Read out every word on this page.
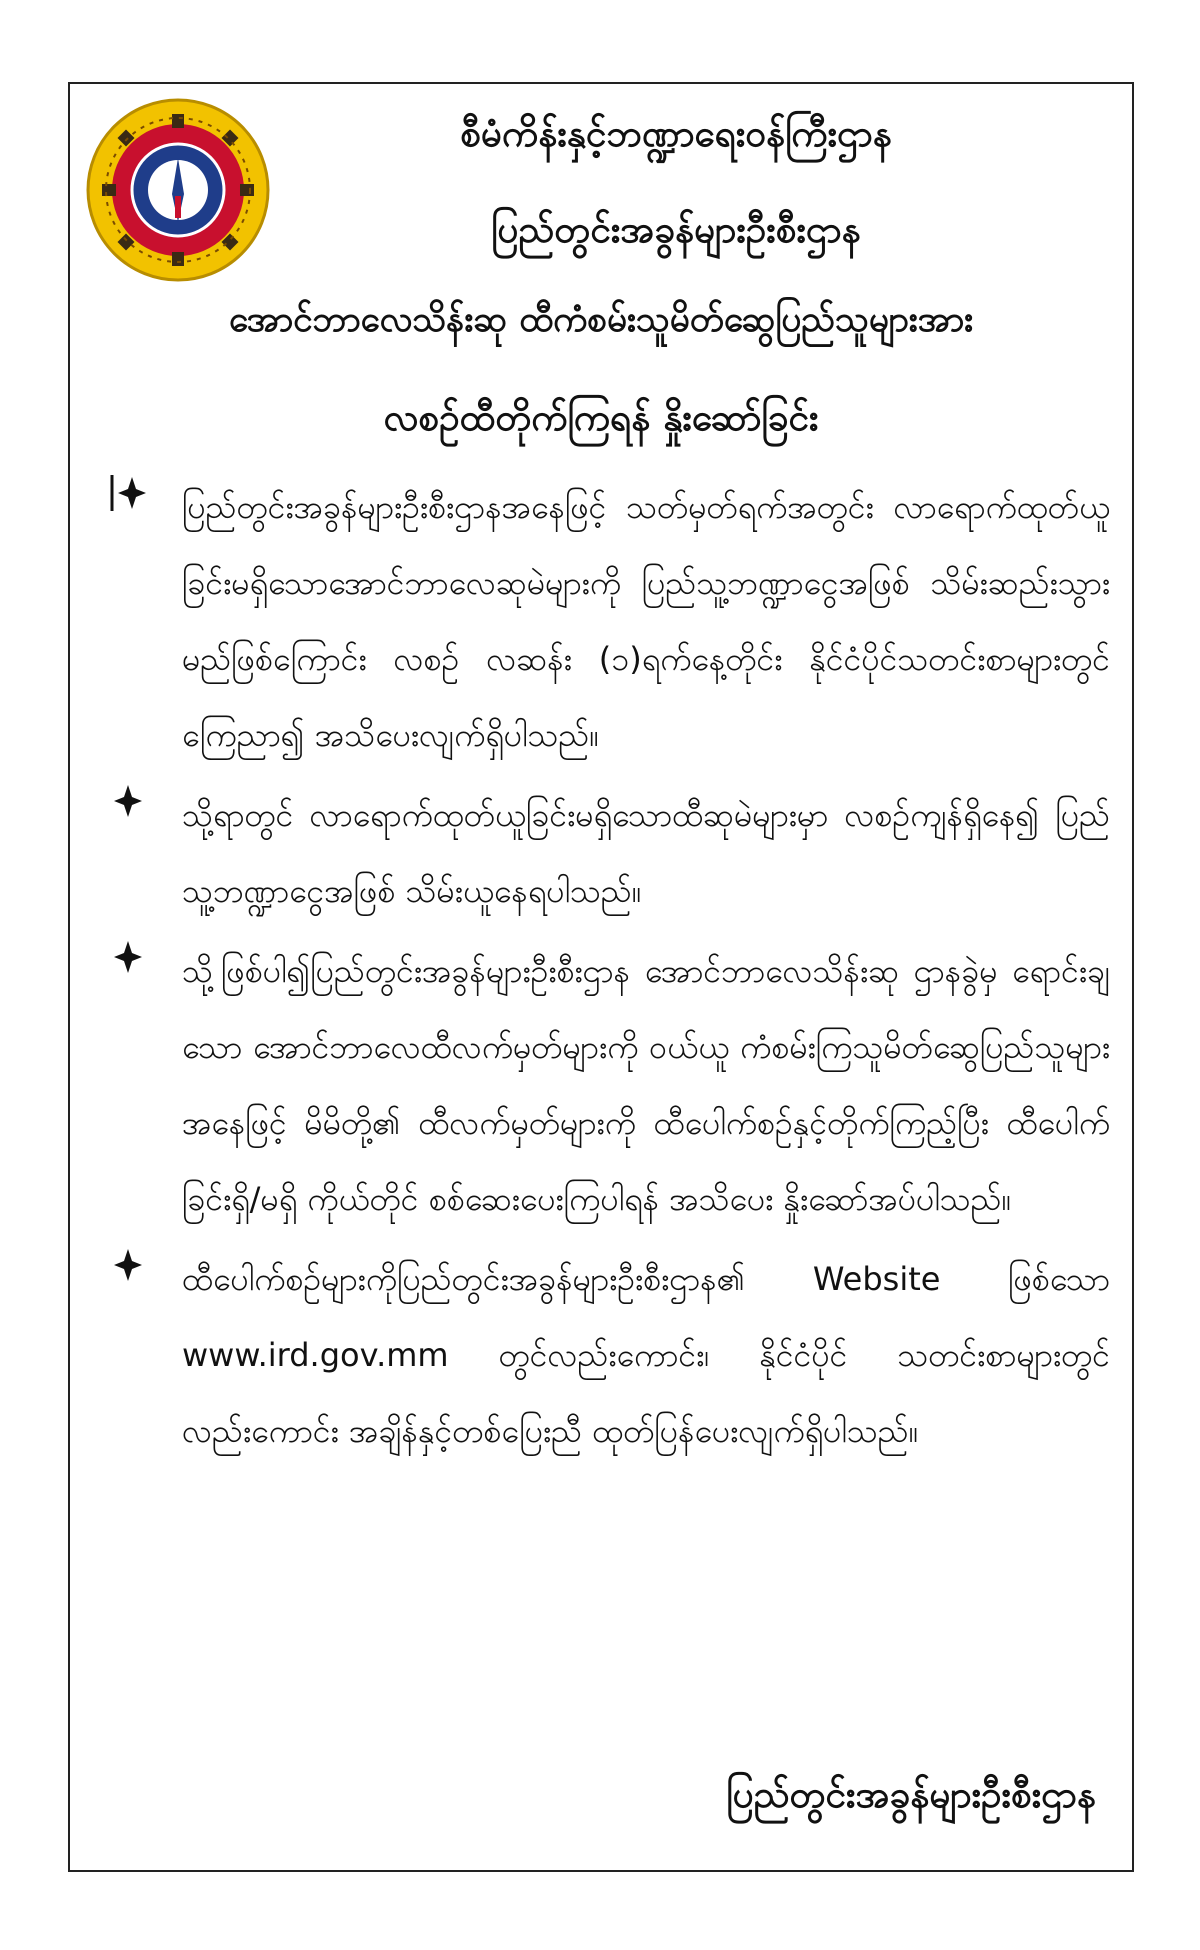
စီမံကိန်းနှင့်ဘဏ္ဍာရေးဝန်ကြီးဌာန
ပြည်တွင်းအခွန်များဦးစီးဌာန
အောင်ဘာလေသိန်းဆု ထီကံစမ်းသူမိတ်ဆွေပြည်သူများအား
လစဉ်ထီတိုက်ကြရန် နှိုးဆော်ခြင်း
ပြည်တွင်းအခွန်များဦးစီးဌာနအနေဖြင့် သတ်မှတ်ရက်အတွင်း လာရောက်ထုတ်ယူခြင်းမရှိသောအောင်ဘာလေဆုမဲများကို ပြည်သူ့ဘဏ္ဍာငွေအဖြစ် သိမ်းဆည်းသွားမည်ဖြစ်ကြောင်း လစဉ် လဆန်း (၁)ရက်နေ့တိုင်း နိုင်ငံပိုင်သတင်းစာများတွင် ကြေညာ၍ အသိပေးလျက်ရှိပါသည်။
သို့ရာတွင် လာရောက်ထုတ်ယူခြင်းမရှိသောထီဆုမဲများမှာ လစဉ်ကျန်ရှိနေ၍ ပြည်သူ့ဘဏ္ဍာငွေအဖြစ် သိမ်းယူနေရပါသည်။
သို့ဖြစ်ပါ၍ပြည်တွင်းအခွန်များဦးစီးဌာန အောင်ဘာလေသိန်းဆု ဌာနခွဲမှ ရောင်းချသော အောင်ဘာလေထီလက်မှတ်များကို ဝယ်ယူ ကံစမ်းကြသူမိတ်ဆွေပြည်သူများအနေဖြင့် မိမိတို့၏ ထီလက်မှတ်များကို ထီပေါက်စဉ်နှင့်တိုက်ကြည့်ပြီး ထီပေါက် ခြင်းရှိ/မရှိ ကိုယ်တိုင် စစ်ဆေးပေးကြပါရန် အသိပေး နှိုးဆော်အပ်ပါသည်။
ထီပေါက်စဉ်များကိုပြည်တွင်းအခွန်များဦးစီးဌာန၏ Website ဖြစ်သော www.ird.gov.mm တွင်လည်းကောင်း၊ နိုင်ငံပိုင် သတင်းစာများတွင်လည်းကောင်း အချိန်နှင့်တစ်ပြေးညီ ထုတ်ပြန်ပေးလျက်ရှိပါသည်။
ပြည်တွင်းအခွန်များဦးစီးဌာန
